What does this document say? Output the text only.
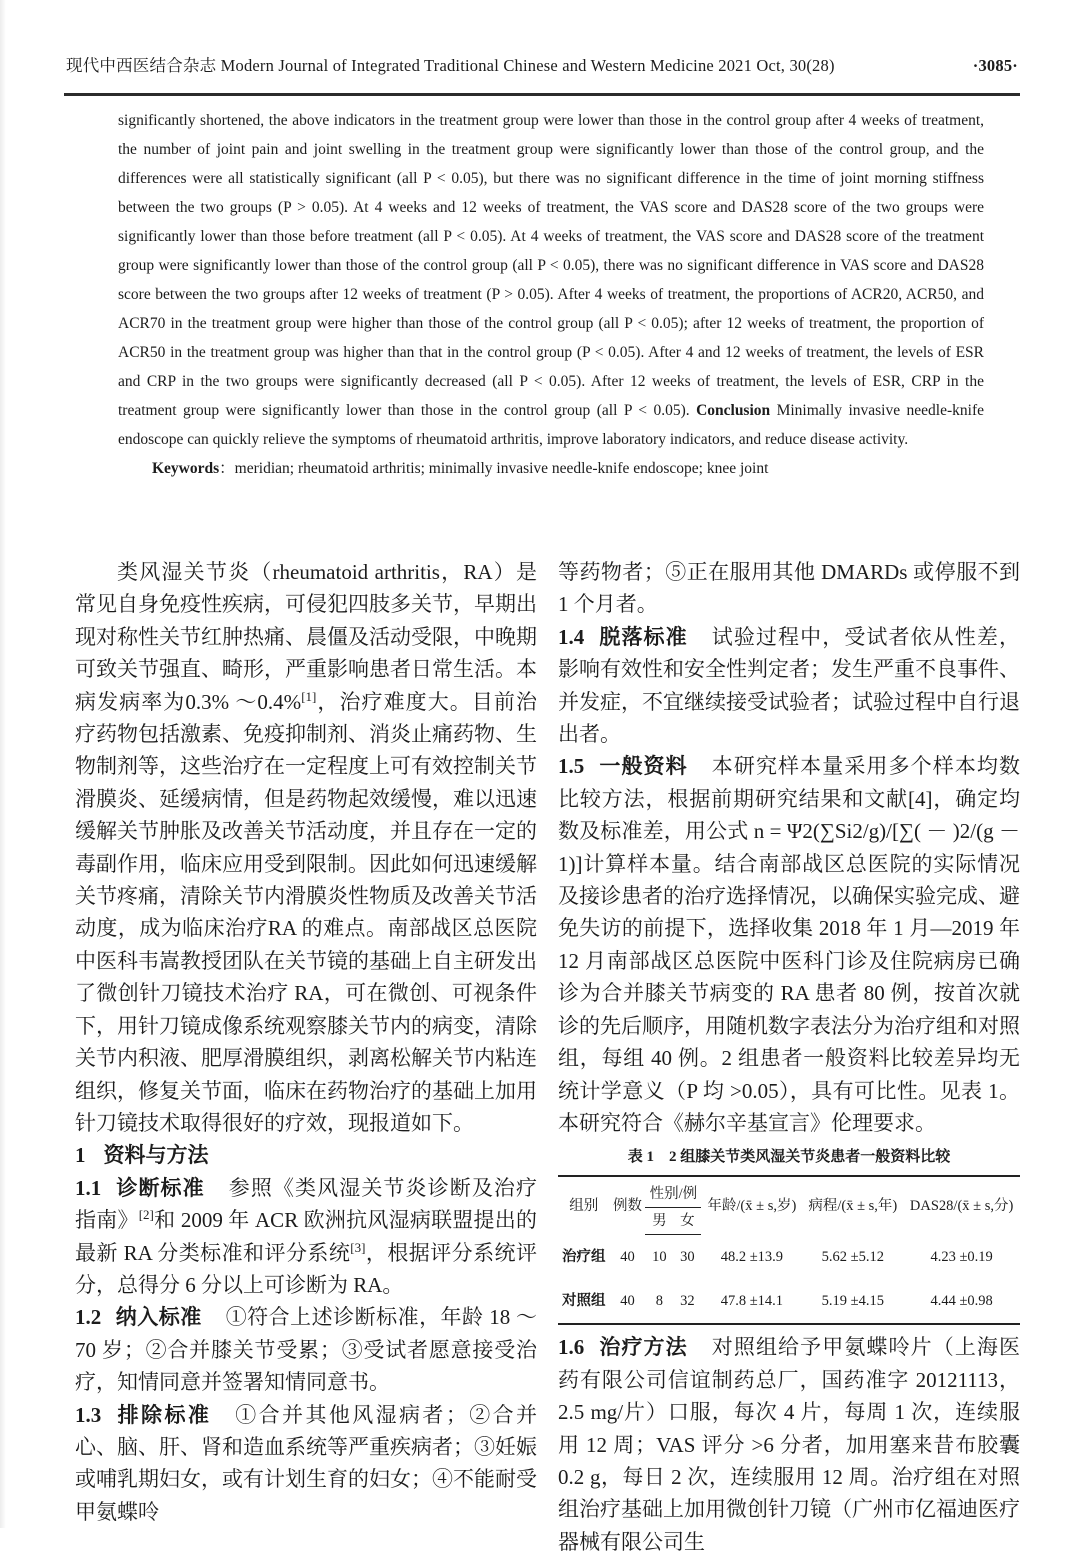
现代中西医结合杂志 Modern Journal of Integrated Traditional Chinese and Western Medicine 2021 Oct, 30(28)	·3085·

significantly shortened, the above indicators in the treatment group were lower than those in the control group after 4 weeks of treatment, the number of joint pain and joint swelling in the treatment group were significantly lower than those of the control group, and the differences were all statistically significant (all P < 0.05), but there was no significant difference in the time of joint morning stiffness between the two groups (P > 0.05). At 4 weeks and 12 weeks of treatment, the VAS score and DAS28 score of the two groups were significantly lower than those before treatment (all P < 0.05). At 4 weeks of treatment, the VAS score and DAS28 score of the treatment group were significantly lower than those of the control group (all P < 0.05), there was no significant difference in VAS score and DAS28 score between the two groups after 12 weeks of treatment (P > 0.05). After 4 weeks of treatment, the proportions of ACR20, ACR50, and ACR70 in the treatment group were higher than those of the control group (all P < 0.05); after 12 weeks of treatment, the proportion of ACR50 in the treatment group was higher than that in the control group (P < 0.05). After 4 and 12 weeks of treatment, the levels of ESR and CRP in the two groups were significantly decreased (all P < 0.05). After 12 weeks of treatment, the levels of ESR, CRP in the treatment group were significantly lower than those in the control group (all P < 0.05). Conclusion Minimally invasive needle-knife endoscope can quickly relieve the symptoms of rheumatoid arthritis, improve laboratory indicators, and reduce disease activity.

Keywords：meridian; rheumatoid arthritis; minimally invasive needle-knife endoscope; knee joint

类风湿关节炎（rheumatoid arthritis，RA）是常见自身免疫性疾病，可侵犯四肢多关节，早期出现对称性关节红肿热痛、晨僵及活动受限，中晚期可致关节强直、畸形，严重影响患者日常生活。本病发病率为0.3% ～0.4%[1]，治疗难度大。目前治疗药物包括激素、免疫抑制剂、消炎止痛药物、生物制剂等，这些治疗在一定程度上可有效控制关节滑膜炎、延缓病情，但是药物起效缓慢，难以迅速缓解关节肿胀及改善关节活动度，并且存在一定的毒副作用，临床应用受到限制。因此如何迅速缓解关节疼痛，清除关节内滑膜炎性物质及改善关节活动度，成为临床治疗RA 的难点。南部战区总医院中医科韦嵩教授团队在关节镜的基础上自主研发出了微创针刀镜技术治疗 RA，可在微创、可视条件下，用针刀镜成像系统观察膝关节内的病变，清除关节内积液、肥厚滑膜组织，剥离松解关节内粘连组织，修复关节面，临床在药物治疗的基础上加用针刀镜技术取得很好的疗效，现报道如下。

1 资料与方法

1.1 诊断标准 参照《类风湿关节炎诊断及治疗指南》[2]和 2009 年 ACR 欧洲抗风湿病联盟提出的最新 RA 分类标准和评分系统[3]，根据评分系统评分，总得分 6 分以上可诊断为 RA。

1.2 纳入标准 ①符合上述诊断标准，年龄 18 ～70 岁；②合并膝关节受累；③受试者愿意接受治疗，知情同意并签署知情同意书。

1.3 排除标准 ①合并其他风湿病者；②合并心、脑、肝、肾和造血系统等严重疾病者；③妊娠或哺乳期妇女，或有计划生育的妇女；④不能耐受甲氨蝶呤

等药物者；⑤正在服用其他 DMARDs 或停服不到 1 个月者。

1.4 脱落标准 试验过程中，受试者依从性差，影响有效性和安全性判定者；发生严重不良事件、并发症，不宜继续接受试验者；试验过程中自行退出者。

1.5 一般资料 本研究样本量采用多个样本均数比较方法，根据前期研究结果和文献[4]，确定均数及标准差，用公式 n = Ψ2(∑Si2/g)/[∑( － )2/(g －1)]计算样本量。结合南部战区总医院的实际情况及接诊患者的治疗选择情况，以确保实验完成、避免失访的前提下，选择收集 2018 年 1 月—2019 年 12 月南部战区总医院中医科门诊及住院病房已确诊为合并膝关节病变的 RA 患者 80 例，按首次就诊的先后顺序，用随机数字表法分为治疗组和对照组，每组 40 例。2 组患者一般资料比较差异均无统计学意义（P 均 >0.05），具有可比性。见表 1。本研究符合《赫尔辛基宣言》伦理要求。

表 1　2 组膝关节类风湿关节炎患者一般资料比较
组别	例数	性别/例		年龄/(x̄ ± s,岁)	病程/(x̄ ± s,年)	DAS28/(x̄ ± s,分)
		男	女			
治疗组	40	10	30	48.2 ±13.9	5.62 ±5.12	4.23 ±0.19
对照组	40	8	32	47.8 ±14.1	5.19 ±4.15	4.44 ±0.98

1.6 治疗方法 对照组给予甲氨蝶呤片（上海医药有限公司信谊制药总厂，国药准字 20121113，2.5 mg/片）口服，每次 4 片，每周 1 次，连续服用 12 周；VAS 评分 >6 分者，加用塞来昔布胶囊 0.2 g，每日 2 次，连续服用 12 周。治疗组在对照组治疗基础上加用微创针刀镜（广州市亿福迪医疗器械有限公司生
